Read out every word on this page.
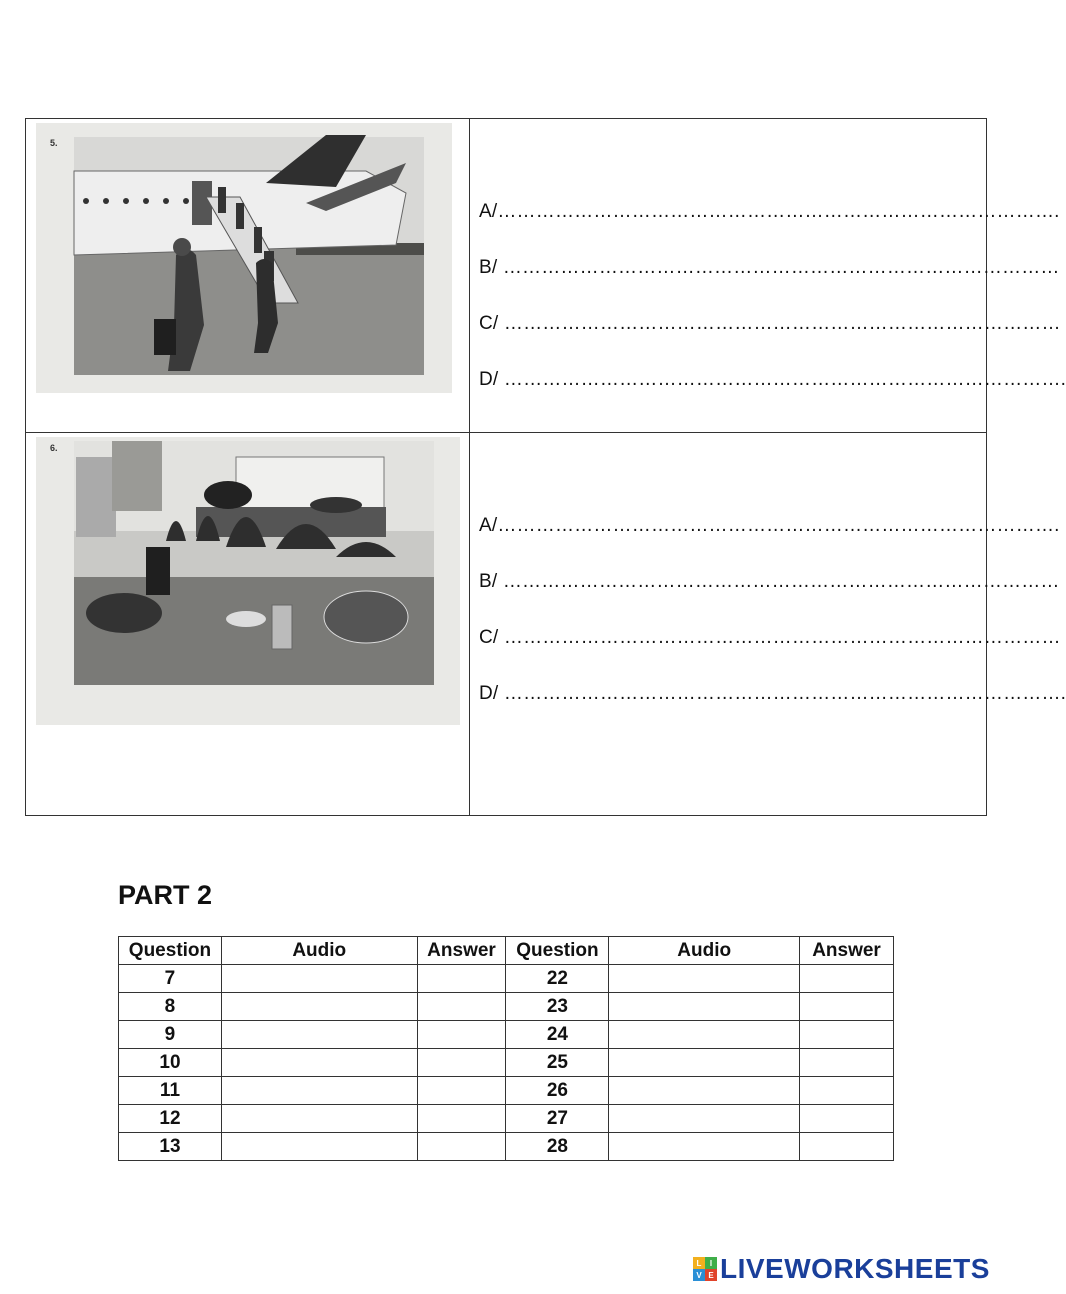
5.
A/…………………………………………………………………………….
B/ ……………………………………………………………………………
C/ ……………………………………………………………………………
D/ …………………………………………………………………………….
6.
A/…………………………………………………………………………….
B/ ……………………………………………………………………………
C/ ……………………………………………………………………………
D/ …………………………………………………………………………….
PART 2
Question	Audio	Answer	Question	Audio	Answer
7			22		
8			23		
9			24		
10			25		
11			26		
12			27		
13			28		
L	I
V E LIVEWORKSHEETS
